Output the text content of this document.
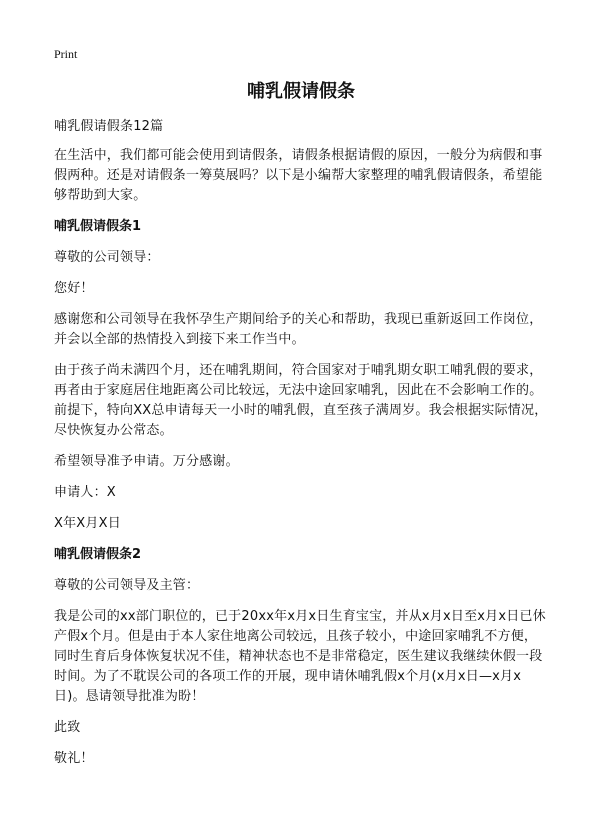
Print
哺乳假请假条

哺乳假请假条12篇

在生活中，我们都可能会使用到请假条，请假条根据请假的原因，一般分为病假和事假两种。还是对请假条一筹莫展吗？以下是小编帮大家整理的哺乳假请假条，希望能够帮助到大家。

哺乳假请假条1

尊敬的公司领导：

您好！

感谢您和公司领导在我怀孕生产期间给予的关心和帮助，我现已重新返回工作岗位，并会以全部的热情投入到接下来工作当中。

由于孩子尚未满四个月，还在哺乳期间，符合国家对于哺乳期女职工哺乳假的要求，再者由于家庭居住地距离公司比较远，无法中途回家哺乳，因此在不会影响工作的。前提下，特向XX总申请每天一小时的哺乳假，直至孩子满周岁。我会根据实际情况，尽快恢复办公常态。

希望领导准予申请。万分感谢。

申请人：X

X年X月X日

哺乳假请假条2

尊敬的公司领导及主管：

我是公司的xx部门职位的，已于20xx年x月x日生育宝宝，并从x月x日至x月x日已休产假x个月。但是由于本人家住地离公司较远，且孩子较小，中途回家哺乳不方便，同时生育后身体恢复状况不佳，精神状态也不是非常稳定，医生建议我继续休假一段时间。为了不耽误公司的各项工作的开展，现申请休哺乳假x个月(x月x日—x月x日)。恳请领导批准为盼！

此致

敬礼！
